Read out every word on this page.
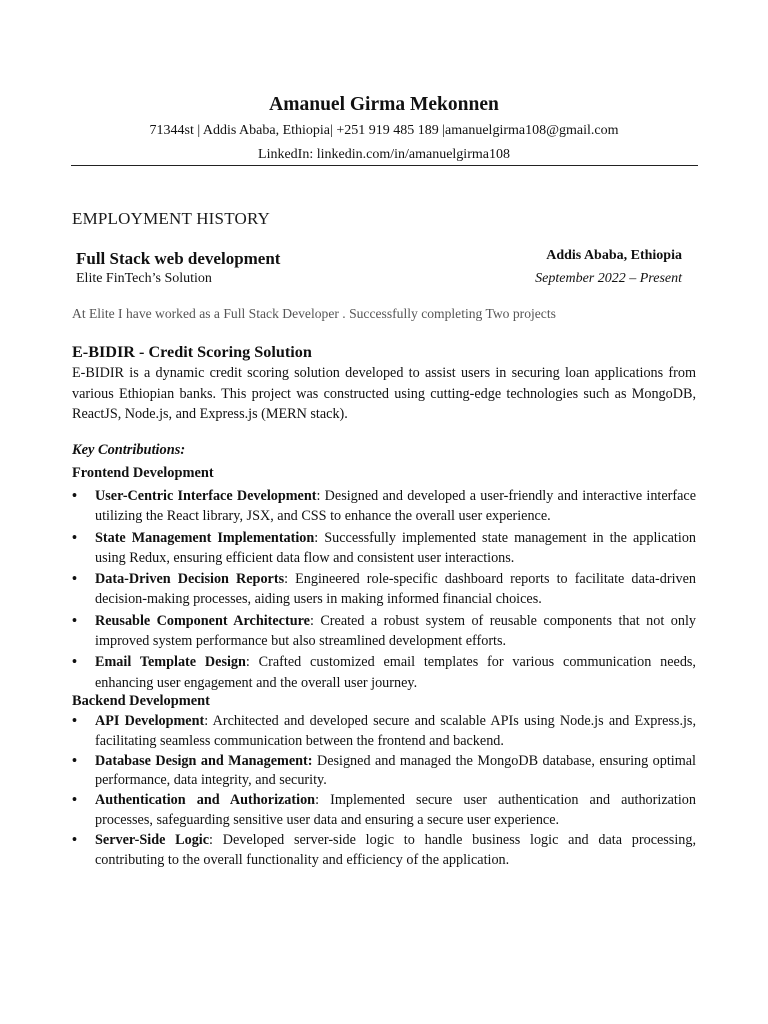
Amanuel Girma Mekonnen
71344st | Addis Ababa, Ethiopia| +251 919 485 189 |amanuelgirma108@gmail.com
LinkedIn: linkedin.com/in/amanuelgirma108
EMPLOYMENT HISTORY
Full Stack web development
Elite FinTech’s Solution
Addis Ababa, Ethiopia
September 2022 – Present
At Elite I have worked as a Full Stack Developer . Successfully completing Two projects
E-BIDIR - Credit Scoring Solution
E-BIDIR is a dynamic credit scoring solution developed to assist users in securing loan applications from various Ethiopian banks. This project was constructed using cutting-edge technologies such as MongoDB, ReactJS, Node.js, and Express.js (MERN stack).
Key Contributions:
Frontend Development
• User-Centric Interface Development: Designed and developed a user-friendly and interactive interface utilizing the React library, JSX, and CSS to enhance the overall user experience.
• State Management Implementation: Successfully implemented state management in the application using Redux, ensuring efficient data flow and consistent user interactions.
• Data-Driven Decision Reports: Engineered role-specific dashboard reports to facilitate data-driven decision-making processes, aiding users in making informed financial choices.
• Reusable Component Architecture: Created a robust system of reusable components that not only improved system performance but also streamlined development efforts.
• Email Template Design: Crafted customized email templates for various communication needs, enhancing user engagement and the overall user journey.
Backend Development
• API Development: Architected and developed secure and scalable APIs using Node.js and Express.js, facilitating seamless communication between the frontend and backend.
• Database Design and Management: Designed and managed the MongoDB database, ensuring optimal performance, data integrity, and security.
• Authentication and Authorization: Implemented secure user authentication and authorization processes, safeguarding sensitive user data and ensuring a secure user experience.
• Server-Side Logic: Developed server-side logic to handle business logic and data processing, contributing to the overall functionality and efficiency of the application.
